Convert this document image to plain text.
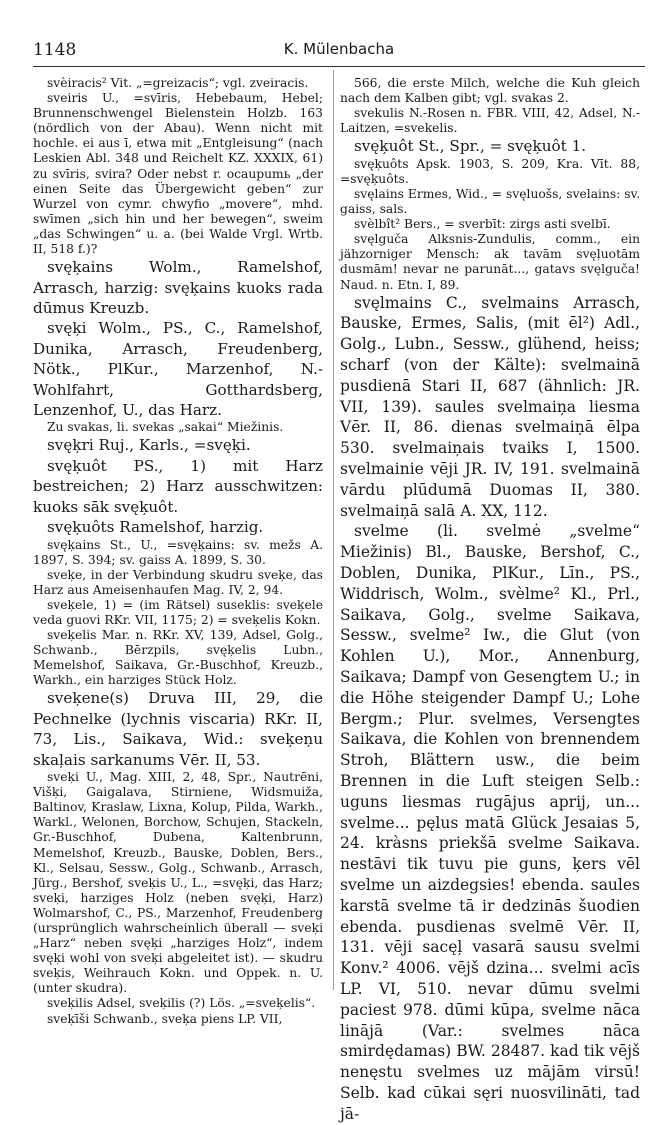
1148	K. Mülenbacha

svèiracis² Vit. „=greizacis“; vgl. zveiracis.

sveiris U., =svīris, Hebebaum, Hebel; Brunnenschwengel Bielenstein Holzb. 163 (nördlich von der Abau). Wenn nicht mit hochle. ei aus ī, etwa mit „Entgleisung“ (nach Leskien Abl. 348 und Reichelt KZ. XXXIX, 61) zu svīris, svira? Oder nebst r. ocaupumь „der einen Seite das Übergewicht geben“ zur Wurzel von cymr. chwyfio „movere“, mhd. swīmen „sich hin und her bewegen“, sweim „das Schwingen“ u. a. (bei Walde Vrgl. Wrtb. II, 518 f.)?

svęķains Wolm., Ramelshof, Arrasch, harzig: svęķains kuoks rada dūmus Kreuzb.

svęķi Wolm., PS., C., Ramelshof, Dunika, Arrasch, Freudenberg, Nötk., PlKur., Marzenhof, N.-Wohlfahrt, Gotthardsberg, Lenzenhof, U., das Harz.

Zu svakas, li. svekas „sakai“ Miežinis.

svęķri Ruj., Karls., =svęķi.

svęķuôt PS., 1) mit Harz bestreichen; 2) Harz ausschwitzen: kuoks sāk svęķuôt.

svęķuôts Ramelshof, harzig.

svęķains St., U., =svęķains: sv. mežs A. 1897, S. 394; sv. gaiss A. 1899, S. 30.

sveķe, in der Verbindung skudru sveķe, das Harz aus Ameisenhaufen Mag. IV, 2, 94.

sveķele, 1) = (im Rätsel) suseklis: sveķele veda guovi RKr. VII, 1175; 2) = sveķelis Kokn.

sveķelis Mar. n. RKr. XV, 139, Adsel, Golg., Schwanb., Bērzpils, svęķelis Lubn., Memelshof, Saikava, Gr.-Buschhof, Kreuzb., Warkh., ein harziges Stück Holz.

sveķene(s) Druva III, 29, die Pechnelke (lychnis viscaria) RKr. II, 73, Lis., Saikava, Wid.: sveķeņu skaļais sarkanums Vēr. II, 53.

sveķi U., Mag. XIII, 2, 48, Spr., Nautrēni, Višķi, Gaigalava, Stirniene, Widsmuiža, Baltinov, Kraslaw, Lixna, Kolup, Pilda, Warkh., Warkl., Welonen, Borchow, Schujen, Stackeln, Gr.-Buschhof, Dubena, Kaltenbrunn, Memelshof, Kreuzb., Bauske, Doblen, Bers., Kl., Selsau, Sessw., Golg., Schwanb., Arrasch, Jürg., Bershof, sveķis U., L., =svęķi, das Harz; sveķi, harziges Holz (neben svęķi, Harz) Wolmarshof, C., PS., Marzenhof, Freudenberg (ursprünglich wahrscheinlich überall — sveķi „Harz“ neben svęķi „harziges Holz“, indem svęķi wohl von sveķi abgeleitet ist). — skudru sveķis, Weihrauch Kokn. und Oppek. n. U. (unter skudra).

sveķilis Adsel, sveķilis (?) Lös. „=sveķelis“.

sveķīši Schwanb., sveķa piens LP. VII,

566, die erste Milch, welche die Kuh gleich nach dem Kalben gibt; vgl. svakas 2.

svekulis N.-Rosen n. FBR. VIII, 42, Adsel, N.-Laitzen, =svekelis.

svęķuôt St., Spr., = svęķuôt 1.

svęķuôts Apsk. 1903, S. 209, Kra. Vīt. 88, =svęķuôts.

svęlains Ermes, Wid., = svęluošs, svelains: sv. gaiss, sals.

svèlbît² Bers., = sverbīt: zirgs asti svelbī.

svęlguča Alksnis-Zundulis, comm., ein jähzorniger Mensch: ak tavām svęļuotām dusmām! nevar ne parunāt..., gatavs svęlguča! Naud. n. Etn. I, 89.

svęlmains C., svelmains Arrasch, Bauske, Ermes, Salis, (mit ēl²) Adl., Golg., Lubn., Sessw., glühend, heiss; scharf (von der Kälte): svelmainā pusdienā Stari II, 687 (ähnlich: JR. VII, 139). saules svelmaiņa liesma Vēr. II, 86. dienas svelmaiņā ēlpa 530. svelmaiņais tvaiks I, 1500. svelmainie vēji JR. IV, 191. svelmainā vārdu plūdumā Duomas II, 380. svelmaiņā salā A. XX, 112.

svelme (li. svelmė „svelme“ Miežinis) Bl., Bauske, Bershof, C., Doblen, Dunika, PlKur., Līn., PS., Widdrisch, Wolm., svèlme² Kl., Prl., Saikava, Golg., svelme Saikava, Sessw., svelme² Iw., die Glut (von Kohlen U.), Mor., Annenburg, Saikava; Dampf von Gesengtem U.; in die Höhe steigender Dampf U.; Lohe Bergm.; Plur. svelmes, Versengtes Saikava, die Kohlen von brennendem Stroh, Blättern usw., die beim Brennen in die Luft steigen Selb.: uguns liesmas rugājus aprij, un... svelme... pęlus matā Glück Jesaias 5, 24. kràsns priekšā svelme Saikava. nestāvi tik tuvu pie guns, ķers vēl svelme un aizdegsies! ebenda. saules karstā svelme tā ir dedzinās šuodien ebenda. pusdienas svelmē Vēr. II, 131. vēji sacęļ vasarā sausu svelmi Konv.² 4006. vējš dzina... svelmi acīs LP. VI, 510. nevar dūmu svelmi paciest 978. dūmi kūpa, svelme nāca linājā (Var.: svelmes nāca smirdędamas) BW. 28487. kad tik vējš nenęstu svelmes uz mājām virsū! Selb. kad cūkai sęri nuosvilināti, tad jā-
